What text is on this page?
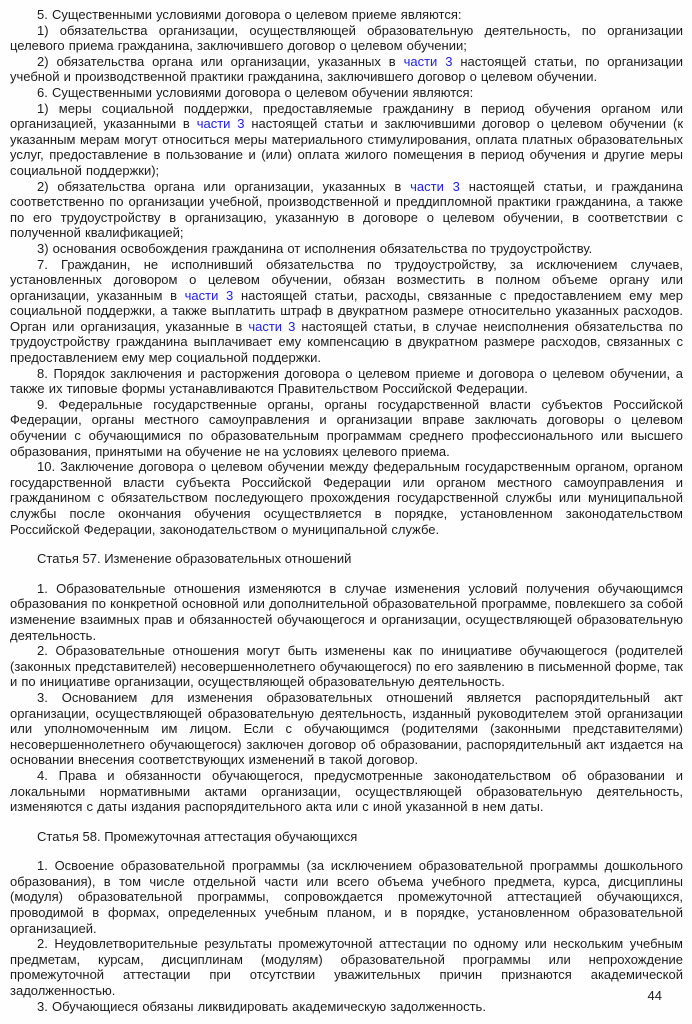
5. Существенными условиями договора о целевом приеме являются:

1) обязательства организации, осуществляющей образовательную деятельность, по организации целевого приема гражданина, заключившего договор о целевом обучении;

2) обязательства органа или организации, указанных в части 3 настоящей статьи, по организации учебной и производственной практики гражданина, заключившего договор о целевом обучении.

6. Существенными условиями договора о целевом обучении являются:

1) меры социальной поддержки, предоставляемые гражданину в период обучения органом или организацией, указанными в части 3 настоящей статьи и заключившими договор о целевом обучении (к указанным мерам могут относиться меры материального стимулирования, оплата платных образовательных услуг, предоставление в пользование и (или) оплата жилого помещения в период обучения и другие меры социальной поддержки);

2) обязательства органа или организации, указанных в части 3 настоящей статьи, и гражданина соответственно по организации учебной, производственной и преддипломной практики гражданина, а также по его трудоустройству в организацию, указанную в договоре о целевом обучении, в соответствии с полученной квалификацией;

3) основания освобождения гражданина от исполнения обязательства по трудоустройству.

7. Гражданин, не исполнивший обязательства по трудоустройству, за исключением случаев, установленных договором о целевом обучении, обязан возместить в полном объеме органу или организации, указанным в части 3 настоящей статьи, расходы, связанные с предоставлением ему мер социальной поддержки, а также выплатить штраф в двукратном размере относительно указанных расходов. Орган или организация, указанные в части 3 настоящей статьи, в случае неисполнения обязательства по трудоустройству гражданина выплачивает ему компенсацию в двукратном размере расходов, связанных с предоставлением ему мер социальной поддержки.

8. Порядок заключения и расторжения договора о целевом приеме и договора о целевом обучении, а также их типовые формы устанавливаются Правительством Российской Федерации.

9. Федеральные государственные органы, органы государственной власти субъектов Российской Федерации, органы местного самоуправления и организации вправе заключать договоры о целевом обучении с обучающимися по образовательным программам среднего профессионального или высшего образования, принятыми на обучение не на условиях целевого приема.

10. Заключение договора о целевом обучении между федеральным государственным органом, органом государственной власти субъекта Российской Федерации или органом местного самоуправления и гражданином с обязательством последующего прохождения государственной службы или муниципальной службы после окончания обучения осуществляется в порядке, установленном законодательством Российской Федерации, законодательством о муниципальной службе.

Статья 57. Изменение образовательных отношений

1. Образовательные отношения изменяются в случае изменения условий получения обучающимся образования по конкретной основной или дополнительной образовательной программе, повлекшего за собой изменение взаимных прав и обязанностей обучающегося и организации, осуществляющей образовательную деятельность.

2. Образовательные отношения могут быть изменены как по инициативе обучающегося (родителей (законных представителей) несовершеннолетнего обучающегося) по его заявлению в письменной форме, так и по инициативе организации, осуществляющей образовательную деятельность.

3. Основанием для изменения образовательных отношений является распорядительный акт организации, осуществляющей образовательную деятельность, изданный руководителем этой организации или уполномоченным им лицом. Если с обучающимся (родителями (законными представителями) несовершеннолетнего обучающегося) заключен договор об образовании, распорядительный акт издается на основании внесения соответствующих изменений в такой договор.

4. Права и обязанности обучающегося, предусмотренные законодательством об образовании и локальными нормативными актами организации, осуществляющей образовательную деятельность, изменяются с даты издания распорядительного акта или с иной указанной в нем даты.

Статья 58. Промежуточная аттестация обучающихся

1. Освоение образовательной программы (за исключением образовательной программы дошкольного образования), в том числе отдельной части или всего объема учебного предмета, курса, дисциплины (модуля) образовательной программы, сопровождается промежуточной аттестацией обучающихся, проводимой в формах, определенных учебным планом, и в порядке, установленном образовательной организацией.

2. Неудовлетворительные результаты промежуточной аттестации по одному или нескольким учебным предметам, курсам, дисциплинам (модулям) образовательной программы или непрохождение промежуточной аттестации при отсутствии уважительных причин признаются академической задолженностью.

3. Обучающиеся обязаны ликвидировать академическую задолженность.

44
